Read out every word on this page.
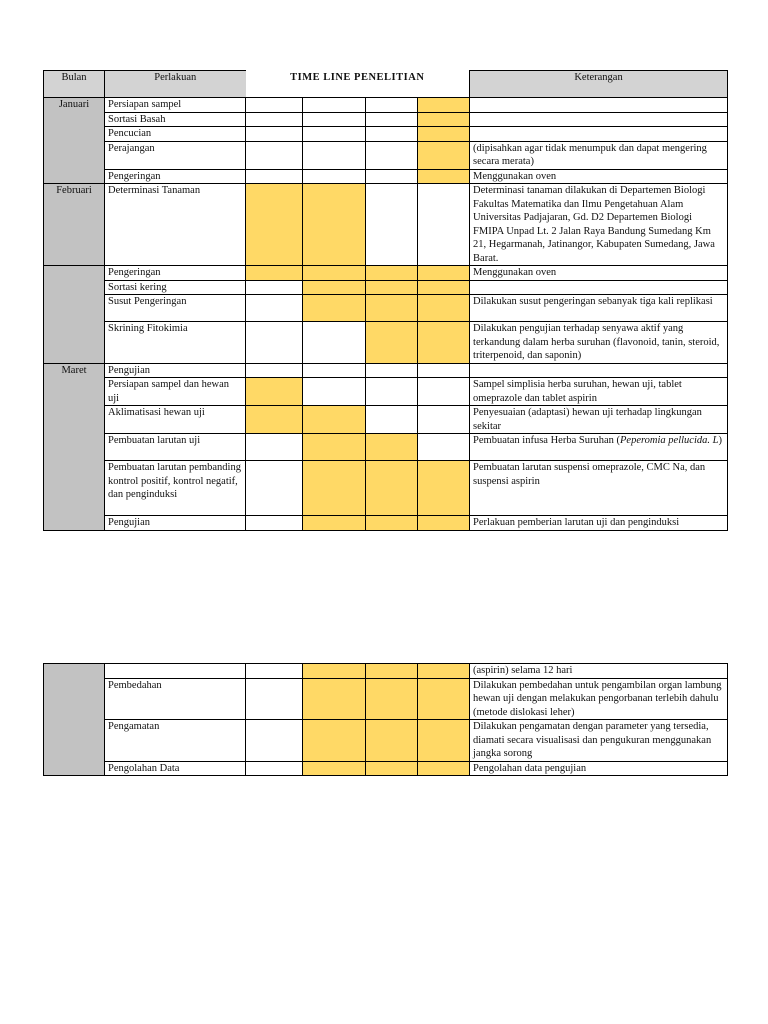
Bulan	Perlakuan	TIME LINE PENELITIAN				Keterangan
Januari	Persiapan sampel					
	Sortasi Basah					
	Pencucian					
	Perajangan					(dipisahkan agar tidak menumpuk dan dapat mengering secara merata)
	Pengeringan					Menggunakan oven
Februari	Determinasi Tanaman					Determinasi tanaman dilakukan di Departemen Biologi Fakultas Matematika dan Ilmu Pengetahuan Alam Universitas Padjajaran, Gd. D2 Departemen Biologi FMIPA Unpad Lt. 2 Jalan Raya Bandung Sumedang Km 21, Hegarmanah, Jatinangor, Kabupaten Sumedang, Jawa Barat.
	Pengeringan					Menggunakan oven
	Sortasi kering					
	Susut Pengeringan					Dilakukan susut pengeringan sebanyak tiga kali replikasi
	Skrining Fitokimia					Dilakukan pengujian terhadap senyawa aktif yang terkandung dalam herba suruhan (flavonoid, tanin, steroid, triterpenoid, dan saponin)
Maret	Pengujian					
	Persiapan sampel dan hewan uji					Sampel simplisia herba suruhan, hewan uji, tablet omeprazole dan tablet aspirin
	Aklimatisasi hewan uji					Penyesuaian (adaptasi) hewan uji terhadap lingkungan sekitar
	Pembuatan larutan uji					Pembuatan infusa Herba Suruhan (Peperomia pellucida. L)
	Pembuatan larutan pembanding kontrol positif, kontrol negatif, dan penginduksi					Pembuatan larutan suspensi omeprazole, CMC Na, dan suspensi aspirin
	Pengujian					Perlakuan pemberian larutan uji dan penginduksi
						(aspirin) selama 12 hari
	Pembedahan					Dilakukan pembedahan untuk pengambilan organ lambung hewan uji dengan melakukan pengorbanan terlebih dahulu (metode dislokasi leher)
	Pengamatan					Dilakukan pengamatan dengan parameter yang tersedia, diamati secara visualisasi dan pengukuran menggunakan jangka sorong
	Pengolahan Data					Pengolahan data pengujian
